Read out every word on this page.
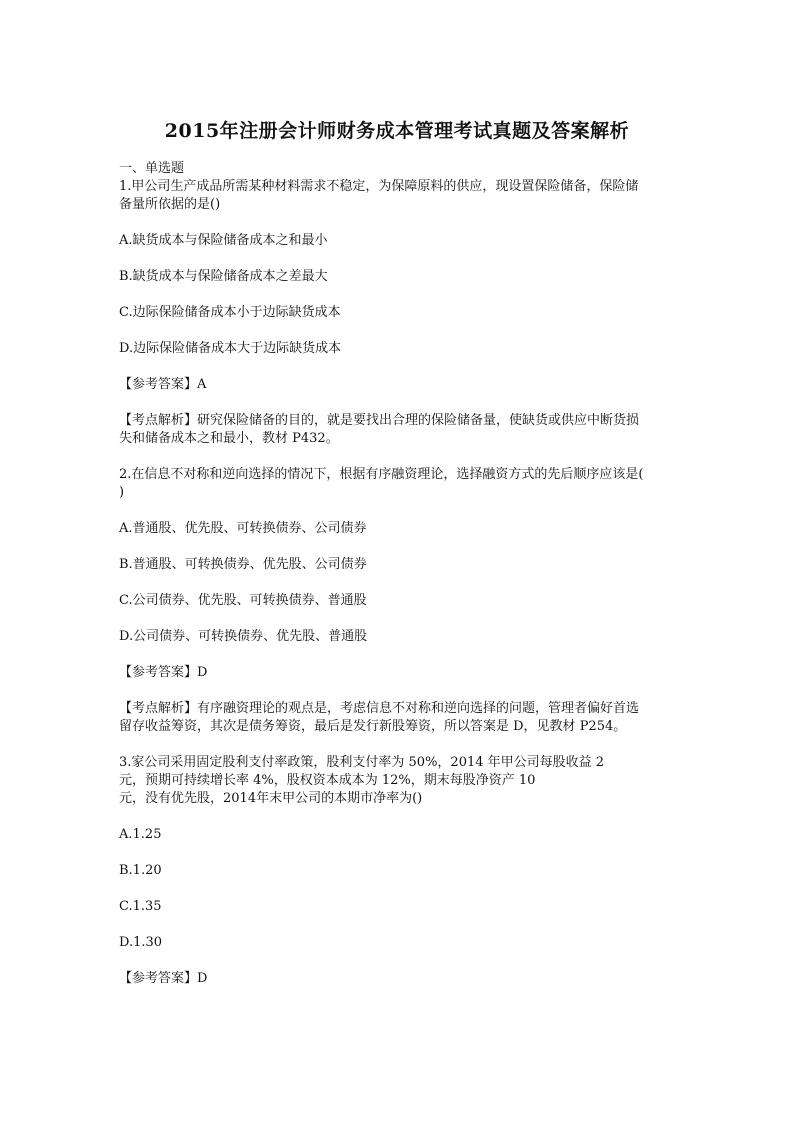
2015年注册会计师财务成本管理考试真题及答案解析

一、单选题

1.甲公司生产成品所需某种材料需求不稳定，为保障原料的供应，现设置保险储备，保险储

备量所依据的是()

A.缺货成本与保险储备成本之和最小

B.缺货成本与保险储备成本之差最大

C.边际保险储备成本小于边际缺货成本

D.边际保险储备成本大于边际缺货成本

【参考答案】A

【考点解析】研究保险储备的目的，就是要找出合理的保险储备量，使缺货或供应中断货损

失和储备成本之和最小，教材 P432。

2.在信息不对称和逆向选择的情况下，根据有序融资理论，选择融资方式的先后顺序应该是(

)

A.普通股、优先股、可转换债券、公司债券

B.普通股、可转换债券、优先股、公司债券

C.公司债券、优先股、可转换债券、普通股

D.公司债券、可转换债券、优先股、普通股

【参考答案】D

【考点解析】有序融资理论的观点是，考虑信息不对称和逆向选择的问题，管理者偏好首选

留存收益筹资，其次是债务筹资，最后是发行新股筹资，所以答案是 D，见教材 P254。

3.家公司采用固定股利支付率政策，股利支付率为 50%，2014 年甲公司每股收益 2

元，预期可持续增长率 4%，股权资本成本为 12%，期末每股净资产 10

元，没有优先股，2014年末甲公司的本期市净率为()

A.1.25

B.1.20

C.1.35

D.1.30

【参考答案】D
